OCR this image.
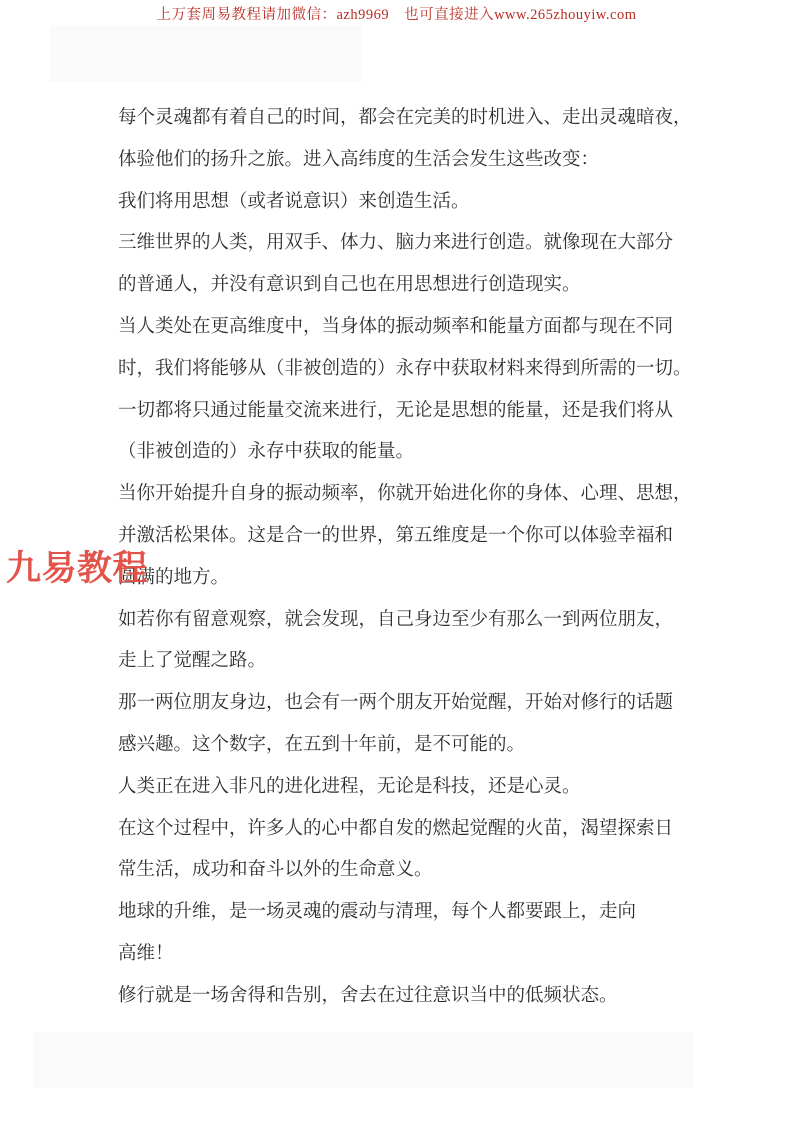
上万套周易教程请加微信：azh9969　也可直接进入www.265zhouyiw.com
九易教程
每个灵魂都有着自己的时间，都会在完美的时机进入、走出灵魂暗夜，
体验他们的扬升之旅。进入高纬度的生活会发生这些改变：
我们将用思想（或者说意识）来创造生活。
三维世界的人类，用双手、体力、脑力来进行创造。就像现在大部分
的普通人，并没有意识到自己也在用思想进行创造现实。
当人类处在更高维度中，当身体的振动频率和能量方面都与现在不同
时，我们将能够从（非被创造的）永存中获取材料来得到所需的一切。
一切都将只通过能量交流来进行，无论是思想的能量，还是我们将从
（非被创造的）永存中获取的能量。
当你开始提升自身的振动频率，你就开始进化你的身体、心理、思想，
并激活松果体。这是合一的世界，第五维度是一个你可以体验幸福和
圆满的地方。
如若你有留意观察，就会发现，自己身边至少有那么一到两位朋友，
走上了觉醒之路。
那一两位朋友身边，也会有一两个朋友开始觉醒，开始对修行的话题
感兴趣。这个数字，在五到十年前，是不可能的。
人类正在进入非凡的进化进程，无论是科技，还是心灵。
在这个过程中，许多人的心中都自发的燃起觉醒的火苗，渴望探索日
常生活，成功和奋斗以外的生命意义。
地球的升维，是一场灵魂的震动与清理，每个人都要跟上，走向
高维！
修行就是一场舍得和告别，舍去在过往意识当中的低频状态。
